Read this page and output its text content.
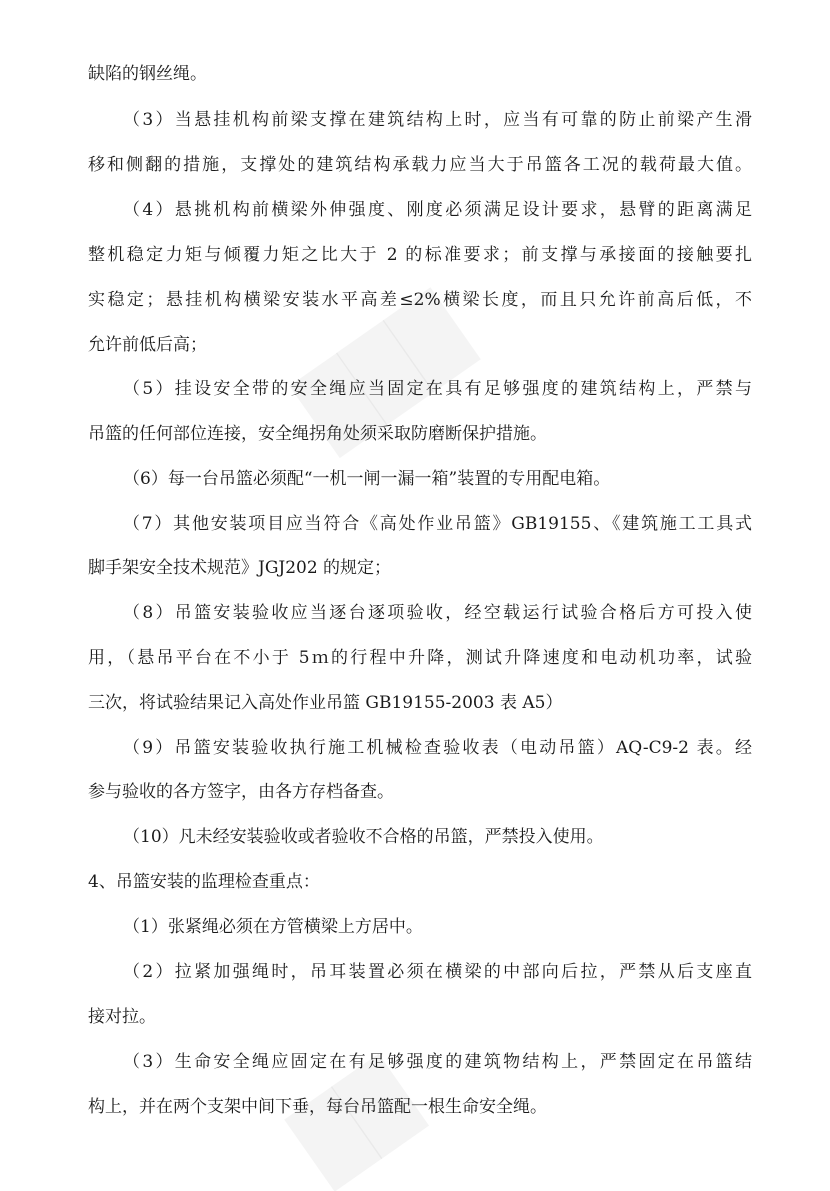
缺陷的钢丝绳。
（3）当悬挂机构前梁支撑在建筑结构上时，应当有可靠的防止前梁产生滑
移和侧翻的措施，支撑处的建筑结构承载力应当大于吊篮各工况的载荷最大值。
（4）悬挑机构前横梁外伸强度、刚度必须满足设计要求，悬臂的距离满足
整机稳定力矩与倾覆力矩之比大于 2 的标准要求；前支撑与承接面的接触要扎
实稳定；悬挂机构横梁安装水平高差≤2%横梁长度，而且只允许前高后低，不
允许前低后高；
（5）挂设安全带的安全绳应当固定在具有足够强度的建筑结构上，严禁与
吊篮的任何部位连接，安全绳拐角处须采取防磨断保护措施。
（6）每一台吊篮必须配“一机一闸一漏一箱”装置的专用配电箱。
（7）其他安装项目应当符合《高处作业吊篮》GB19155、《建筑施工工具式
脚手架安全技术规范》JGJ202 的规定；
（8）吊篮安装验收应当逐台逐项验收，经空载运行试验合格后方可投入使
用，（悬吊平台在不小于 5ｍ的行程中升降，测试升降速度和电动机功率，试验
三次，将试验结果记入高处作业吊篮 GB19155-2003 表 A5）
（9）吊篮安装验收执行施工机械检查验收表（电动吊篮）AQ-C9-2 表。经
参与验收的各方签字，由各方存档备查。
（10）凡未经安装验收或者验收不合格的吊篮，严禁投入使用。
4、吊篮安装的监理检查重点：
（1）张紧绳必须在方管横梁上方居中。
（2）拉紧加强绳时，吊耳装置必须在横梁的中部向后拉，严禁从后支座直
接对拉。
（3）生命安全绳应固定在有足够强度的建筑物结构上，严禁固定在吊篮结
构上，并在两个支架中间下垂，每台吊篮配一根生命安全绳。
